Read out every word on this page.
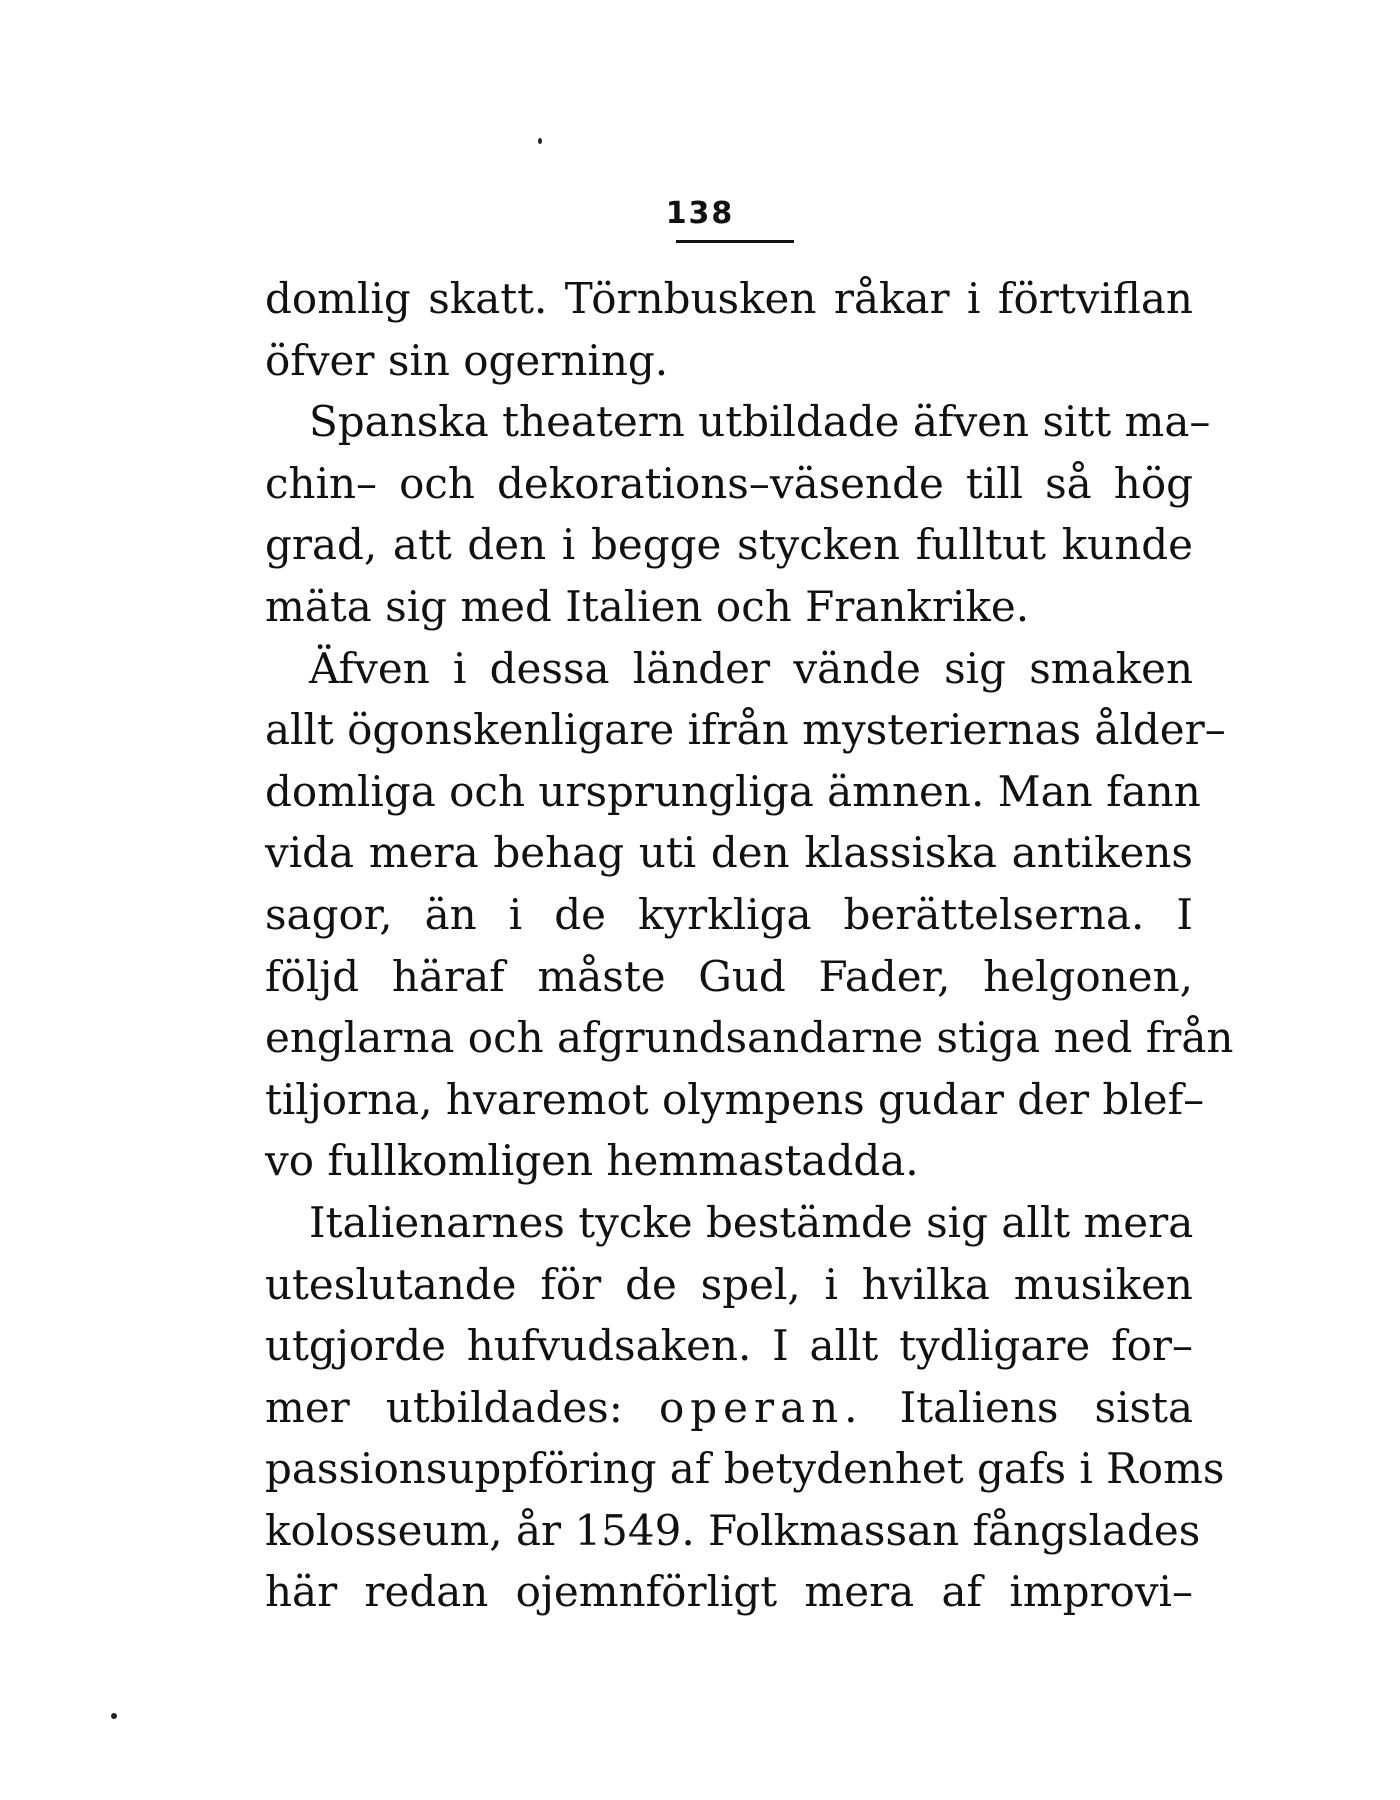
138
domlig skatt. Törnbusken råkar i förtviflan
öfver sin ogerning.
Spanska theatern utbildade äfven sitt ma–
chin– och dekorations–väsende till så hög
grad, att den i begge stycken fulltut kunde
mäta sig med Italien och Frankrike.
Äfven i dessa länder vände sig smaken
allt ögonskenligare ifrån mysteriernas ålder–
domliga och ursprungliga ämnen. Man fann
vida mera behag uti den klassiska antikens
sagor, än i de kyrkliga berättelserna. I
följd häraf måste Gud Fader, helgonen,
englarna och afgrundsandarne stiga ned från
tiljorna, hvaremot olympens gudar der blef–
vo fullkomligen hemmastadda.
Italienarnes tycke bestämde sig allt mera
uteslutande för de spel, i hvilka musiken
utgjorde hufvudsaken. I allt tydligare for–
mer utbildades: operan. Italiens sista
passionsuppföring af betydenhet gafs i Roms
kolosseum, år 1549. Folkmassan fångslades
här redan ojemnförligt mera af improvi–
